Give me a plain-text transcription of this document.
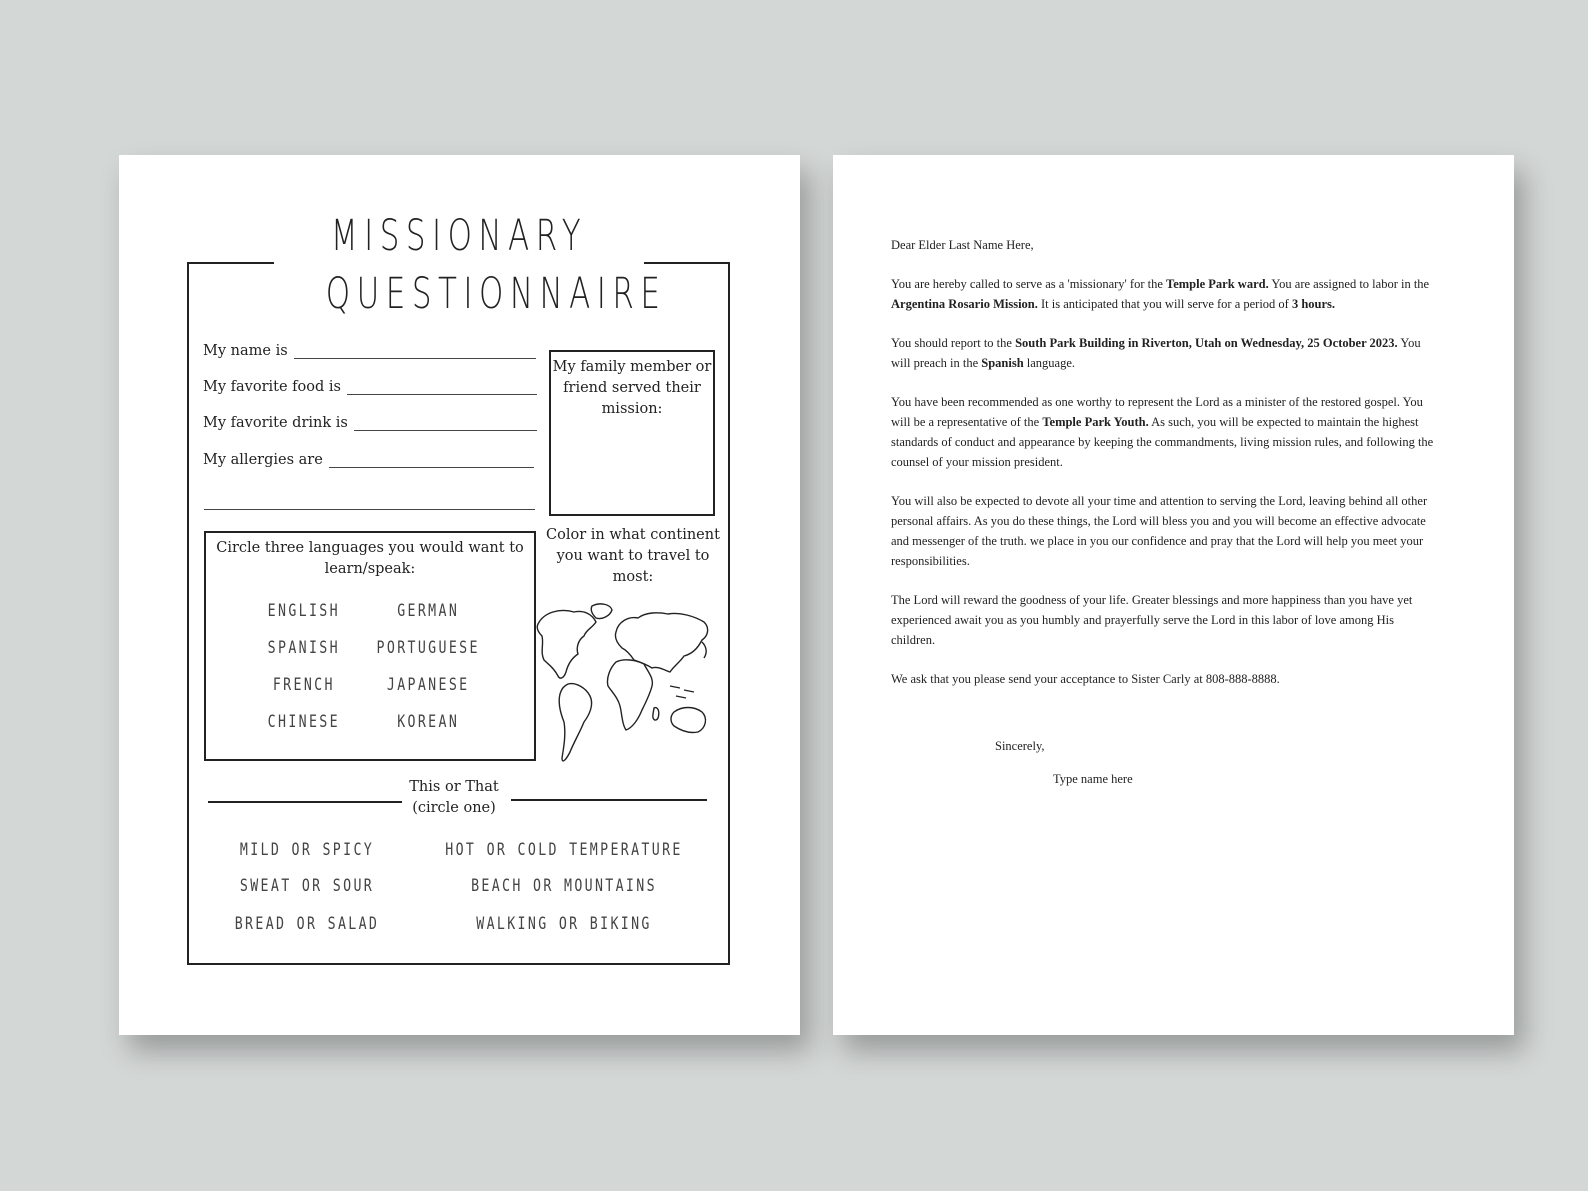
MISSIONARY
QUESTIONNAIRE
My name is
My favorite food is
My favorite drink is
My allergies are
My family member or
friend served their
mission:
Circle three languages you would want to
learn/speak:
ENGLISH	GERMAN
SPANISH	PORTUGUESE
FRENCH	JAPANESE
CHINESE	KOREAN
Color in what continent
you want to travel to
most:
This or That
(circle one)
MILD OR SPICY	HOT OR COLD TEMPERATURE
SWEAT OR SOUR	BEACH OR MOUNTAINS
BREAD OR SALAD	WALKING OR BIKING

Dear Elder Last Name Here,

You are hereby called to serve as a 'missionary' for the Temple Park ward. You are assigned to labor in the Argentina Rosario Mission. It is anticipated that you will serve for a period of 3 hours.

You should report to the South Park Building in Riverton, Utah on Wednesday, 25 October 2023. You will preach in the Spanish language.

You have been recommended as one worthy to represent the Lord as a minister of the restored gospel. You will be a representative of the Temple Park Youth. As such, you will be expected to maintain the highest standards of conduct and appearance by keeping the commandments, living mission rules, and following the counsel of your mission president.

You will also be expected to devote all your time and attention to serving the Lord, leaving behind all other personal affairs. As you do these things, the Lord will bless you and you will become an effective advocate and messenger of the truth. we place in you our confidence and pray that the Lord will help you meet your responsibilities.

The Lord will reward the goodness of your life. Greater blessings and more happiness than you have yet experienced await you as you humbly and prayerfully serve the Lord in this labor of love among His children.

We ask that you please send your acceptance to Sister Carly at 808-888-8888.

Sincerely,
Type name here
